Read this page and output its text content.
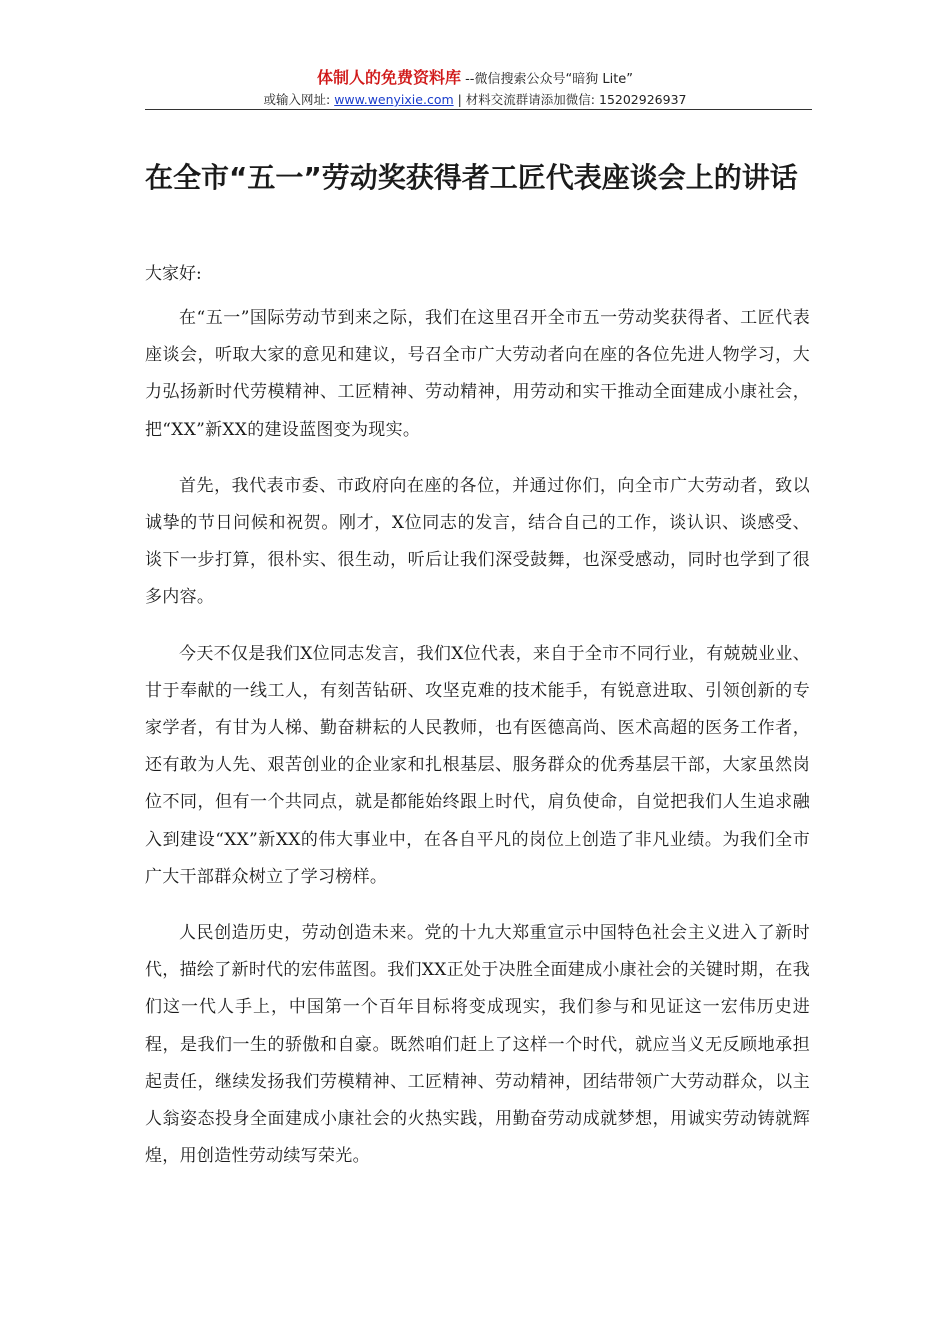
体制人的免费资料库 --微信搜索公众号“暗狗 Lite”
或输入网址: www.wenyixie.com | 材料交流群请添加微信: 15202926937
在全市“五一”劳动奖获得者工匠代表座谈会上的讲话

大家好:

在“五一”国际劳动节到来之际，我们在这里召开全市五一劳动奖获得者、工匠代表座谈会，听取大家的意见和建议，号召全市广大劳动者向在座的各位先进人物学习，大力弘扬新时代劳模精神、工匠精神、劳动精神，用劳动和实干推动全面建成小康社会，把“XX”新XX的建设蓝图变为现实。

首先，我代表市委、市政府向在座的各位，并通过你们，向全市广大劳动者，致以诚挚的节日问候和祝贺。刚才，X位同志的发言，结合自己的工作，谈认识、谈感受、谈下一步打算，很朴实、很生动，听后让我们深受鼓舞，也深受感动，同时也学到了很多内容。

今天不仅是我们X位同志发言，我们X位代表，来自于全市不同行业，有兢兢业业、甘于奉献的一线工人，有刻苦钻研、攻坚克难的技术能手，有锐意进取、引领创新的专家学者，有甘为人梯、勤奋耕耘的人民教师，也有医德高尚、医术高超的医务工作者，还有敢为人先、艰苦创业的企业家和扎根基层、服务群众的优秀基层干部，大家虽然岗位不同，但有一个共同点，就是都能始终跟上时代，肩负使命，自觉把我们人生追求融入到建设“XX”新XX的伟大事业中，在各自平凡的岗位上创造了非凡业绩。为我们全市广大干部群众树立了学习榜样。

人民创造历史，劳动创造未来。党的十九大郑重宣示中国特色社会主义进入了新时代，描绘了新时代的宏伟蓝图。我们XX正处于决胜全面建成小康社会的关键时期，在我们这一代人手上，中国第一个百年目标将变成现实，我们参与和见证这一宏伟历史进程，是我们一生的骄傲和自豪。既然咱们赶上了这样一个时代，就应当义无反顾地承担起责任，继续发扬我们劳模精神、工匠精神、劳动精神，团结带领广大劳动群众，以主人翁姿态投身全面建成小康社会的火热实践，用勤奋劳动成就梦想，用诚实劳动铸就辉煌，用创造性劳动续写荣光。
